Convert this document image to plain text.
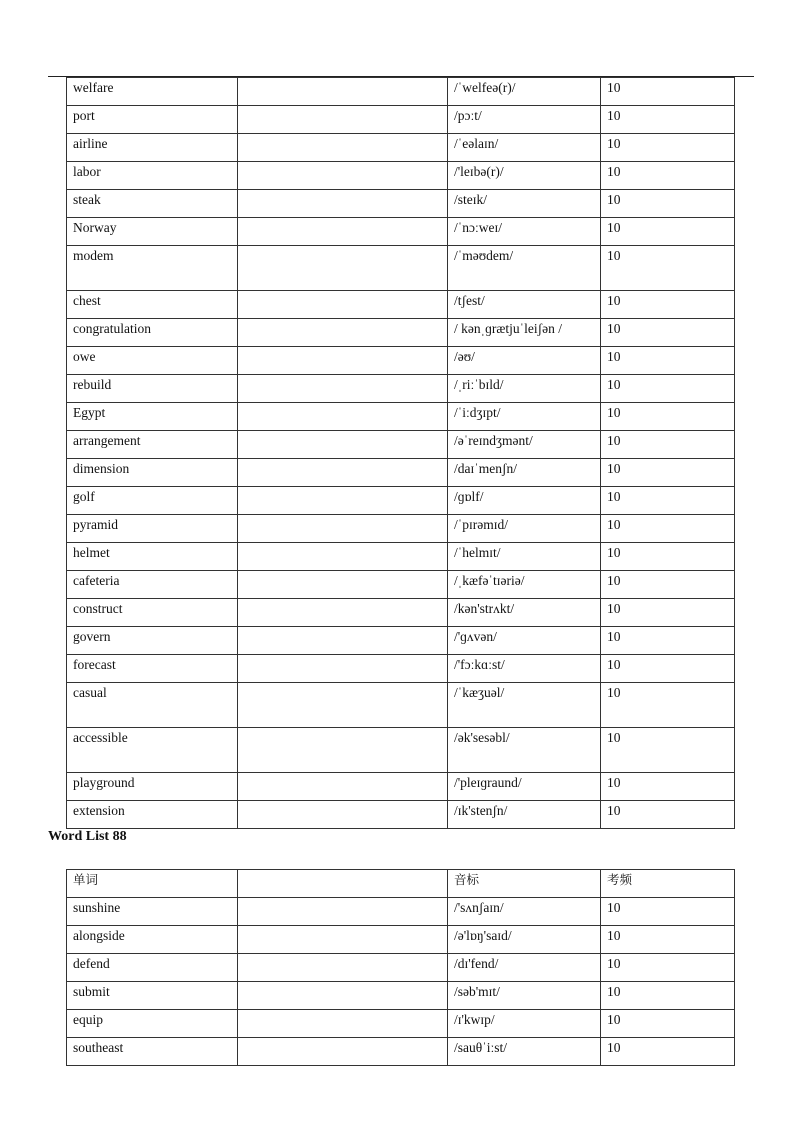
welfare		/ˈwelfeə(r)/	10
port		/pɔːt/	10
airline		/ˈeəlaɪn/	10
labor		/'leɪbə(r)/	10
steak		/steɪk/	10
Norway		/ˈnɔːweɪ/	10
modem		/ˈməʊdem/	10
chest		/tʃest/	10
congratulation		/ kənˌɡrætjuˈleiʃən /	10
owe		/əʊ/	10
rebuild		/ˌriːˈbɪld/	10
Egypt		/ˈiːdʒɪpt/	10
arrangement		/əˈreɪndʒmənt/	10
dimension		/daɪˈmenʃn/	10
golf		/ɡɒlf/	10
pyramid		/ˈpɪrəmɪd/	10
helmet		/ˈhelmɪt/	10
cafeteria		/ˌkæfəˈtɪəriə/	10
construct		/kən'strʌkt/	10
govern		/'ɡʌvən/	10
forecast		/'fɔːkɑːst/	10
casual		/ˈkæʒuəl/	10
accessible		/ək'sesəbl/	10
playground		/'pleɪɡraund/	10
extension		/ɪk'stenʃn/	10
Word List 88
单词		音标	考频
sunshine		/'sʌnʃaɪn/	10
alongside		/ə'lɒŋ'saɪd/	10
defend		/dɪ'fend/	10
submit		/səb'mɪt/	10
equip		/ɪ'kwɪp/	10
southeast		/sauθˈiːst/	10
